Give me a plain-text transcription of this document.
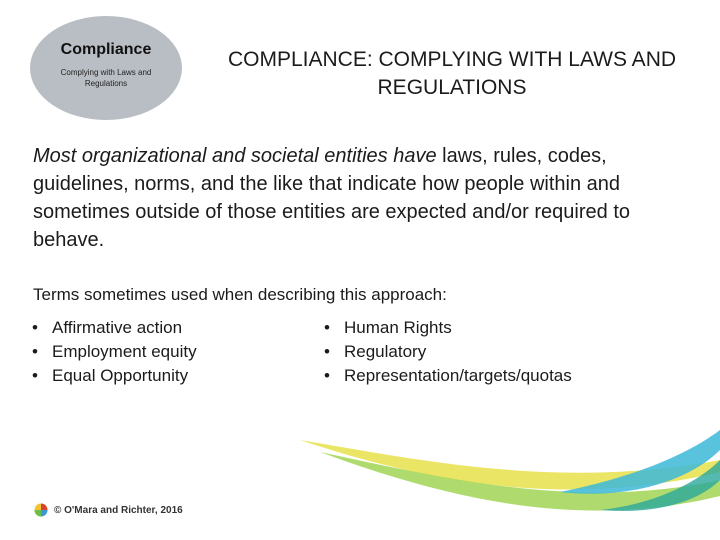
Compliance
Complying with Laws and Regulations
COMPLIANCE: COMPLYING WITH LAWS AND REGULATIONS
Most organizational and societal entities have laws, rules, codes, guidelines, norms, and the like that indicate how people within and sometimes outside of those entities are expected and/or required to behave.
Terms sometimes used when describing this approach:
• Affirmative action
• Employment equity
• Equal Opportunity
• Human Rights
• Regulatory
• Representation/targets/quotas
© O'Mara and Richter, 2016
